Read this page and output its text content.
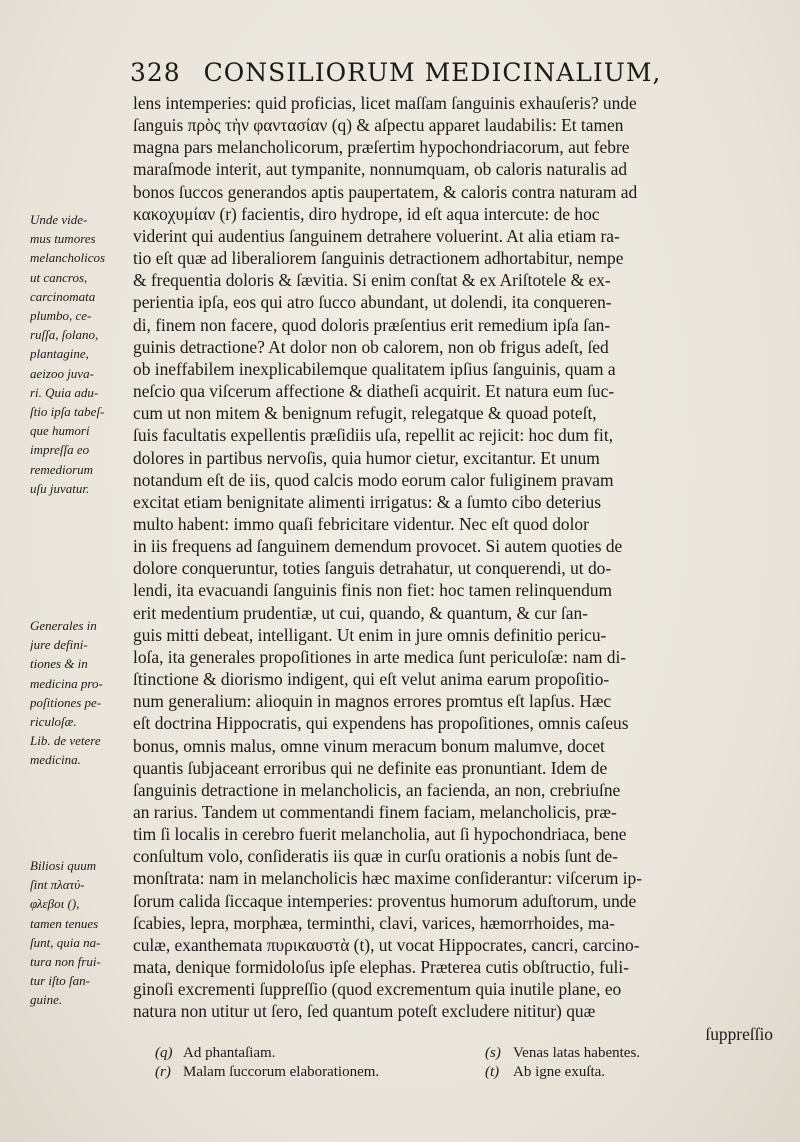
328 CONSILIORUM MEDICINALIUM,

lens intemperies: quid proficias, licet maſſam ſanguinis exhauſeris? unde
ſanguis πρὸς τὴν φαντασίαν (q) & aſpectu apparet laudabilis: Et tamen
magna pars melancholicorum, præſertim hypochondriacorum, aut febre
maraſmode interit, aut tympanite, nonnumquam, ob caloris naturalis ad
bonos ſuccos generandos aptis paupertatem, & caloris contra naturam ad
κακοχυμίαν (r) facientis, diro hydrope, id eſt aqua intercute: de hoc
viderint qui audentius ſanguinem detrahere voluerint. At alia etiam ra-
tio eſt quæ ad liberaliorem ſanguinis detractionem adhortabitur, nempe
& frequentia doloris & ſævitia. Si enim conſtat & ex Ariſtotele & ex-
perientia ipſa, eos qui atro ſucco abundant, ut dolendi, ita conqueren-
di, finem non facere, quod doloris præſentius erit remedium ipſa ſan-
guinis detractione? At dolor non ob calorem, non ob frigus adeſt, ſed
ob ineffabilem inexplicabilemque qualitatem ipſius ſanguinis, quam a
neſcio qua viſcerum affectione & diatheſi acquirit. Et natura eum ſuc-
cum ut non mitem & benignum refugit, relegatque & quoad poteſt,
ſuis facultatis expellentis præſidiis uſa, repellit ac rejicit: hoc dum fit,
dolores in partibus nervoſis, quia humor cietur, excitantur. Et unum
notandum eſt de iis, quod calcis modo eorum calor fuliginem pravam
excitat etiam benignitate alimenti irrigatus: & a ſumto cibo deterius
multo habent: immo quaſi febricitare videntur. Nec eſt quod dolor
in iis frequens ad ſanguinem demendum provocet. Si autem quoties de
dolore conqueruntur, toties ſanguis detrahatur, ut conquerendi, ut do-
lendi, ita evacuandi ſanguinis finis non fiet: hoc tamen relinquendum
erit medentium prudentiæ, ut cui, quando, & quantum, & cur ſan-
guis mitti debeat, intelligant. Ut enim in jure omnis definitio pericu-
loſa, ita generales propoſitiones in arte medica ſunt periculoſæ: nam di-
ſtinctione & diorismo indigent, qui eſt velut anima earum propoſitio-
num generalium: alioquin in magnos errores promtus eſt lapſus. Hæc
eſt doctrina Hippocratis, qui expendens has propoſitiones, omnis caſeus
bonus, omnis malus, omne vinum meracum bonum malumve, docet
quantis ſubjaceant erroribus qui ne definite eas pronuntiant. Idem de
ſanguinis detractione in melancholicis, an facienda, an non, crebriuſne
an rarius. Tandem ut commentandi finem faciam, melancholicis, præ-
tim ſi localis in cerebro fuerit melancholia, aut ſi hypochondriaca, bene
conſultum volo, conſideratis iis quæ in curſu orationis a nobis ſunt de-
monſtrata: nam in melancholicis hæc maxime conſiderantur: viſcerum ip-
ſorum calida ſiccaque intemperies: proventus humorum aduſtorum, unde
ſcabies, lepra, morphæa, terminthi, clavi, varices, hæmorrhoides, ma-
culæ, exanthemata πυρικαυστὰ (t), ut vocat Hippocrates, cancri, carcino-
mata, denique formidoloſus ipſe elephas. Præterea cutis obſtructio, fuli-
ginoſi excrementi ſuppreſſio (quod excrementum quia inutile plane, eo
natura non utitur ut ſero, ſed quantum poteſt excludere nititur) quæ
ſuppreſſio
Unde vide-
mus tumores
melancholicos
ut cancros,
carcinomata
plumbo, ce-
ruſſa, ſolano,
plantagine,
aeizoo juva-
ri. Quia adu-
ſtio ipſa tabeſ-
que humori
impreſſa eo
remediorum
uſu juvatur.
Generales in
jure defini-
tiones & in
medicina pro-
poſitiones pe-
riculoſæ.
Lib. de vetere
medicina.
Biliosi quum
ſint πλατύ-
φλεβοι (),
tamen tenues
ſunt, quia na-
tura non frui-
tur iſto ſan-
guine.
(q) Ad phantaſiam.
(r) Malam ſuccorum elaborationem.
(s) Venas latas habentes.
(t) Ab igne exuſta.
